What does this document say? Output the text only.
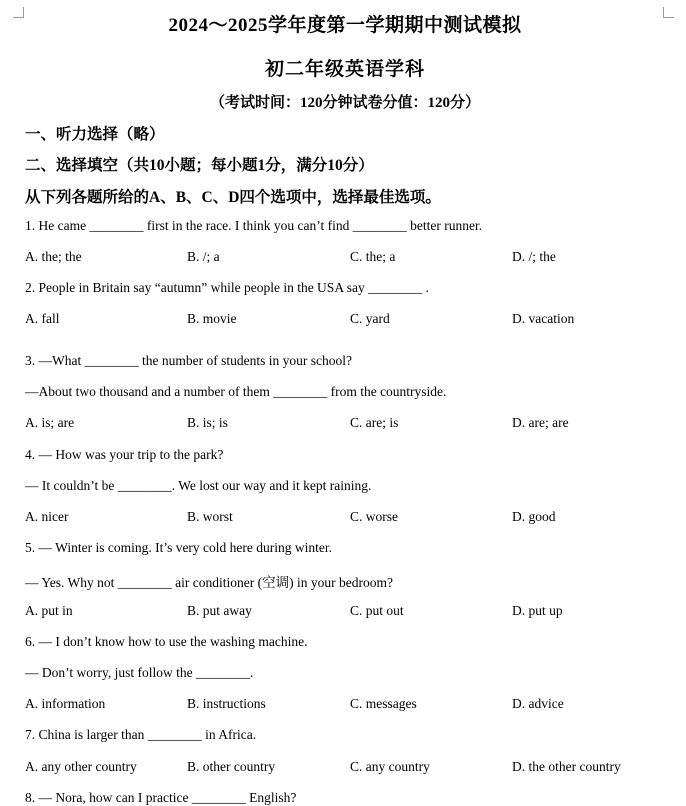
2024～2025学年度第一学期期中测试模拟
初二年级英语学科
（考试时间：120分钟试卷分值：120分）
一、听力选择（略）
二、选择填空（共10小题；每小题1分，满分10分）
从下列各题所给的A、B、C、D四个选项中，选择最佳选项。
1. He came ________ first in the race. I think you can’t find ________ better runner.
A. the; the	B. /; a	C. the; a	D. /; the
2. People in Britain say “autumn” while people in the USA say ________ .
A. fall	B. movie	C. yard	D. vacation
3. —What ________ the number of students in your school?
—About two thousand and a number of them ________ from the countryside.
A. is; are	B. is; is	C. are; is	D. are; are
4. — How was your trip to the park?
— It couldn’t be ________. We lost our way and it kept raining.
A. nicer	B. worst	C. worse	D. good
5. — Winter is coming. It’s very cold here during winter.
— Yes. Why not ________ air conditioner (空调) in your bedroom?
A. put in	B. put away	C. put out	D. put up
6. — I don’t know how to use the washing machine.
— Don’t worry, just follow the ________.
A. information	B. instructions	C. messages	D. advice
7. China is larger than ________ in Africa.
A. any other country	B. other country	C. any country	D. the other country
8. — Nora, how can I practice ________ English?
